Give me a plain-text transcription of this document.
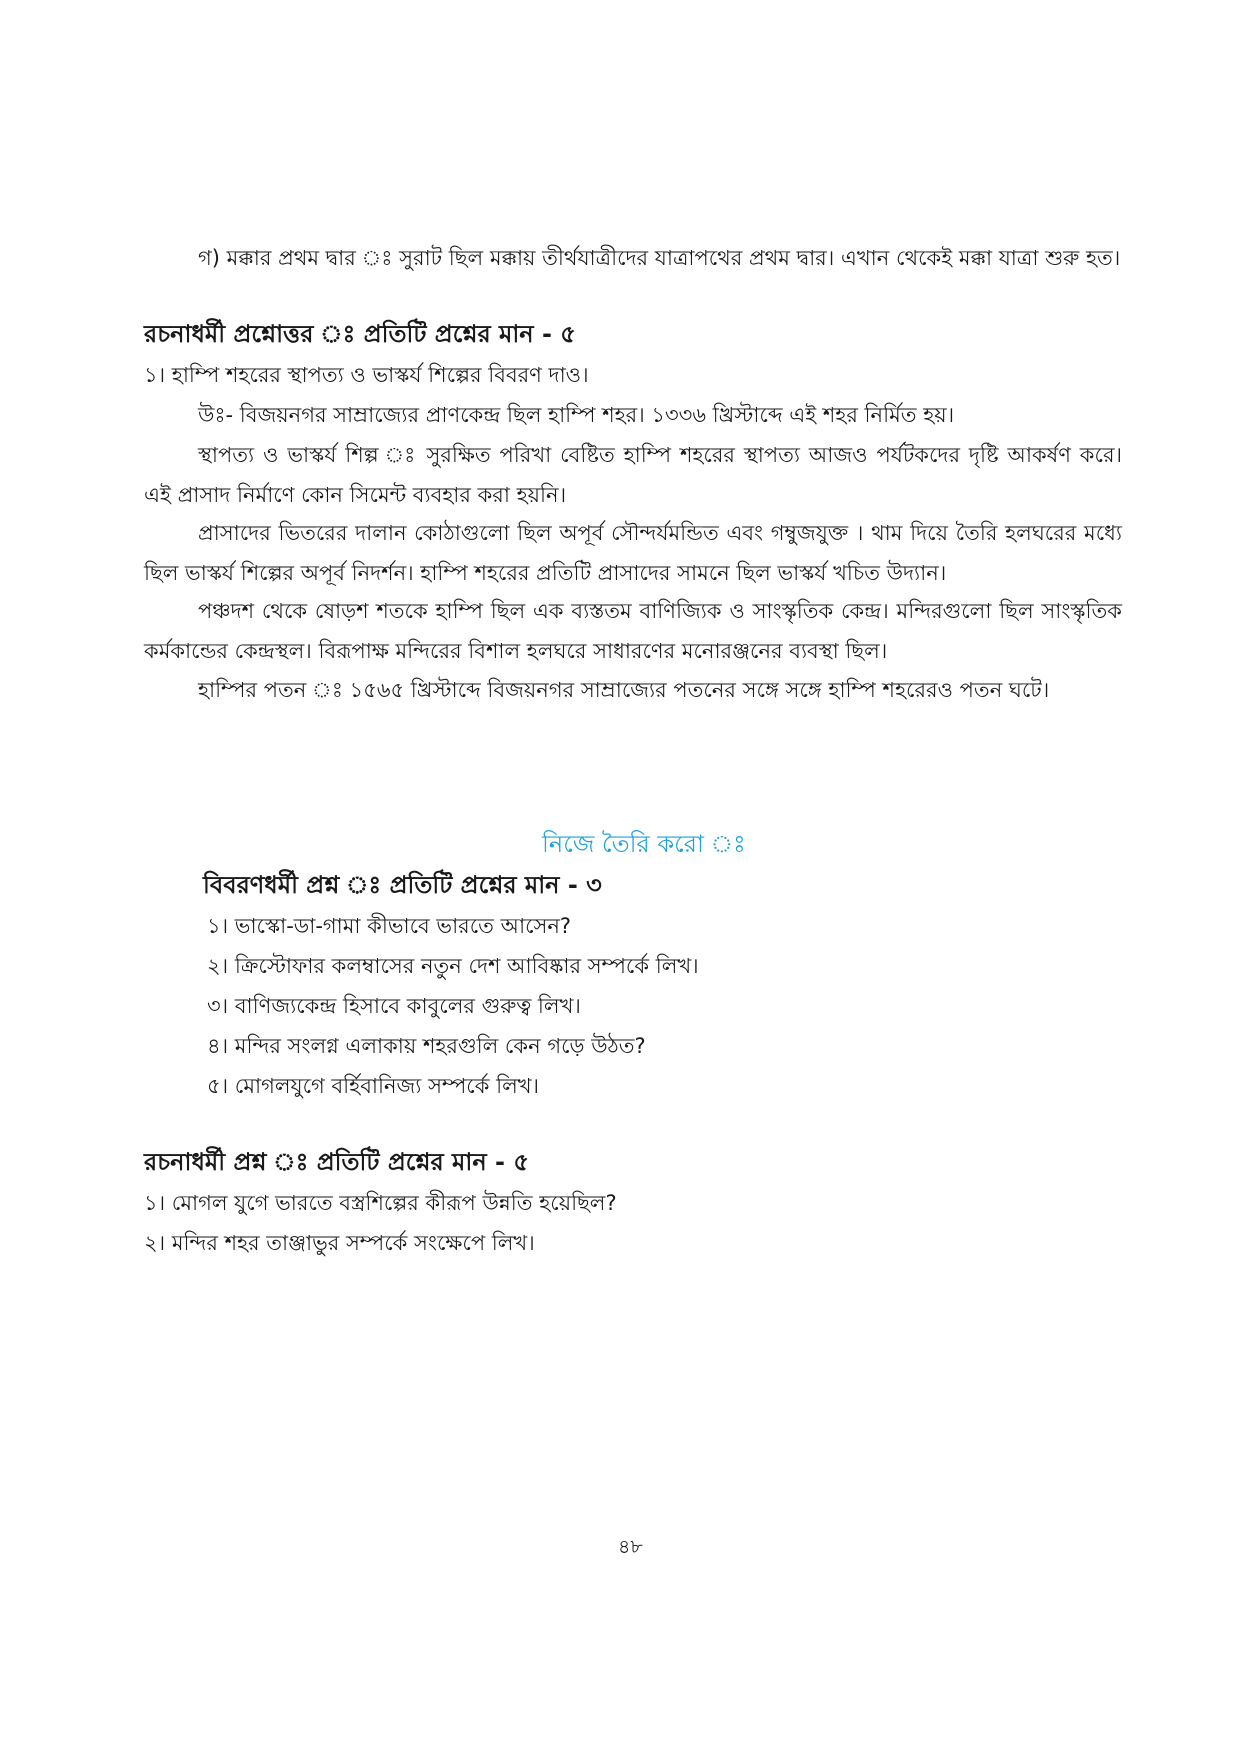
গ) মক্কার প্রথম দ্বার ঃ সুরাট ছিল মক্কায় তীর্থযাত্রীদের যাত্রাপথের প্রথম দ্বার। এখান থেকেই মক্কা যাত্রা শুরু হত।
রচনাধর্মী প্রশ্নোত্তর ঃ প্রতিটি প্রশ্নের মান - ৫
১। হাম্পি শহরের স্থাপত্য ও ভাস্কর্য শিল্পের বিবরণ দাও।
উঃ- বিজয়নগর সাম্রাজ্যের প্রাণকেন্দ্র ছিল হাম্পি শহর। ১৩৩৬ খ্রিস্টাব্দে এই শহর নির্মিত হয়।
স্থাপত্য ও ভাস্কর্য শিল্প ঃ সুরক্ষিত পরিখা বেষ্টিত হাম্পি শহরের স্থাপত্য আজও পর্যটকদের দৃষ্টি আকর্ষণ করে। এই প্রাসাদ নির্মাণে কোন সিমেন্ট ব্যবহার করা হয়নি।
প্রাসাদের ভিতরের দালান কোঠাগুলো ছিল অপূর্ব সৌন্দর্যমন্ডিত এবং গম্বুজযুক্ত । থাম দিয়ে তৈরি হলঘরের মধ্যে ছিল ভাস্কর্য শিল্পের অপূর্ব নিদর্শন। হাম্পি শহরের প্রতিটি প্রাসাদের সামনে ছিল ভাস্কর্য খচিত উদ্যান।
পঞ্চদশ থেকে ষোড়শ শতকে হাম্পি ছিল এক ব্যস্ততম বাণিজ্যিক ও সাংস্কৃতিক কেন্দ্র। মন্দিরগুলো ছিল সাংস্কৃতিক কর্মকান্ডের কেন্দ্রস্থল। বিরূপাক্ষ মন্দিরের বিশাল হলঘরে সাধারণের মনোরঞ্জনের ব্যবস্থা ছিল।
হাম্পির পতন ঃ ১৫৬৫ খ্রিস্টাব্দে বিজয়নগর সাম্রাজ্যের পতনের সঙ্গে সঙ্গে হাম্পি শহরেরও পতন ঘটে।
নিজে তৈরি করো ঃ
বিবরণধর্মী প্রশ্ন ঃ প্রতিটি প্রশ্নের মান - ৩
১। ভাস্কো-ডা-গামা কীভাবে ভারতে আসেন?
২। ক্রিস্টোফার কলম্বাসের নতুন দেশ আবিষ্কার সম্পর্কে লিখ।
৩। বাণিজ্যকেন্দ্র হিসাবে কাবুলের গুরুত্ব লিখ।
৪। মন্দির সংলগ্ন এলাকায় শহরগুলি কেন গড়ে উঠত?
৫। মোগলযুগে বর্হিবানিজ্য সম্পর্কে লিখ।
রচনাধর্মী প্রশ্ন ঃ প্রতিটি প্রশ্নের মান - ৫
১। মোগল যুগে ভারতে বস্ত্রশিল্পের কীরূপ উন্নতি হয়েছিল?
২। মন্দির শহর তাঞ্জাভুর সম্পর্কে সংক্ষেপে লিখ।
৪৮
